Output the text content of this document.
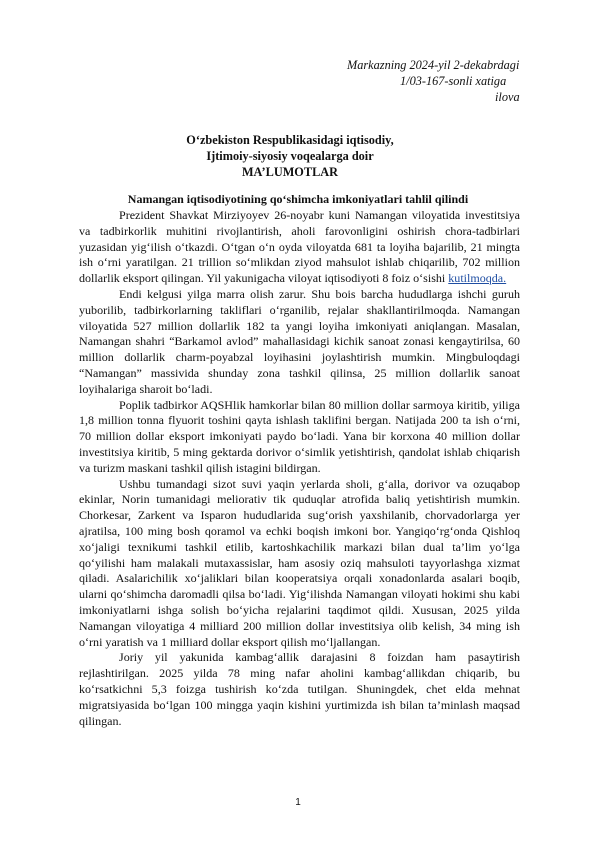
Markazning 2024-yil 2-dekabrdagi
1/03-167-sonli xatiga
ilova
O‘zbekiston Respublikasidagi iqtisodiy,
Ijtimoiy-siyosiy voqealarga doir
MA’LUMOTLAR
Namangan iqtisodiyotining qo‘shimcha imkoniyatlari tahlil qilindi

Prezident Shavkat Mirziyoyev 26-noyabr kuni Namangan viloyatida investitsiya va tadbirkorlik muhitini rivojlantirish, aholi farovonligini oshirish chora-tadbirlari yuzasidan yig‘ilish o‘tkazdi. O‘tgan o‘n oyda viloyatda 681 ta loyiha bajarilib, 21 mingta ish o‘rni yaratilgan. 21 trillion so‘mlikdan ziyod mahsulot ishlab chiqarilib, 702 million dollarlik eksport qilingan. Yil yakunigacha viloyat iqtisodiyoti 8 foiz o‘sishi kutilmoqda.

Endi kelgusi yilga marra olish zarur. Shu bois barcha hududlarga ishchi guruh yuborilib, tadbirkorlarning takliflari o‘rganilib, rejalar shakllantirilmoqda. Namangan viloyatida 527 million dollarlik 182 ta yangi loyiha imkoniyati aniqlangan. Masalan, Namangan shahri “Barkamol avlod” mahallasidagi kichik sanoat zonasi kengaytirilsa, 60 million dollarlik charm-poyabzal loyihasini joylashtirish mumkin. Mingbuloqdagi “Namangan” massivida shunday zona tashkil qilinsa, 25 million dollarlik sanoat loyihalariga sharoit bo‘ladi.

Poplik tadbirkor AQSHlik hamkorlar bilan 80 million dollar sarmoya kiritib, yiliga 1,8 million tonna flyuorit toshini qayta ishlash taklifini bergan. Natijada 200 ta ish o‘rni, 70 million dollar eksport imkoniyati paydo bo‘ladi. Yana bir korxona 40 million dollar investitsiya kiritib, 5 ming gektarda dorivor o‘simlik yetishtirish, qandolat ishlab chiqarish va turizm maskani tashkil qilish istagini bildirgan.

Ushbu tumandagi sizot suvi yaqin yerlarda sholi, g‘alla, dorivor va ozuqabop ekinlar, Norin tumanidagi meliorativ tik quduqlar atrofida baliq yetishtirish mumkin. Chorkesar, Zarkent va Isparon hududlarida sug‘orish yaxshilanib, chorvadorlarga yer ajratilsa, 100 ming bosh qoramol va echki boqish imkoni bor. Yangiqo‘rg‘onda Qishloq xo‘jaligi texnikumi tashkil etilib, kartoshkachilik markazi bilan dual ta’lim yo‘lga qo‘yilishi ham malakali mutaxassislar, ham asosiy oziq mahsuloti tayyorlashga xizmat qiladi. Asalarichilik xo‘jaliklari bilan kooperatsiya orqali xonadonlarda asalari boqib, ularni qo‘shimcha daromadli qilsa bo‘ladi. Yig‘ilishda Namangan viloyati hokimi shu kabi imkoniyatlarni ishga solish bo‘yicha rejalarini taqdimot qildi. Xususan, 2025 yilda Namangan viloyatiga 4 milliard 200 million dollar investitsiya olib kelish, 34 ming ish o‘rni yaratish va 1 milliard dollar eksport qilish mo‘ljallangan.

Joriy yil yakunida kambag‘allik darajasini 8 foizdan ham pasaytirish rejlashtirilgan. 2025 yilda 78 ming nafar aholini kambag‘allikdan chiqarib, bu ko‘rsatkichni 5,3 foizga tushirish ko‘zda tutilgan. Shuningdek, chet elda mehnat migratsiyasida bo‘lgan 100 mingga yaqin kishini yurtimizda ish bilan ta’minlash maqsad qilingan.

1
